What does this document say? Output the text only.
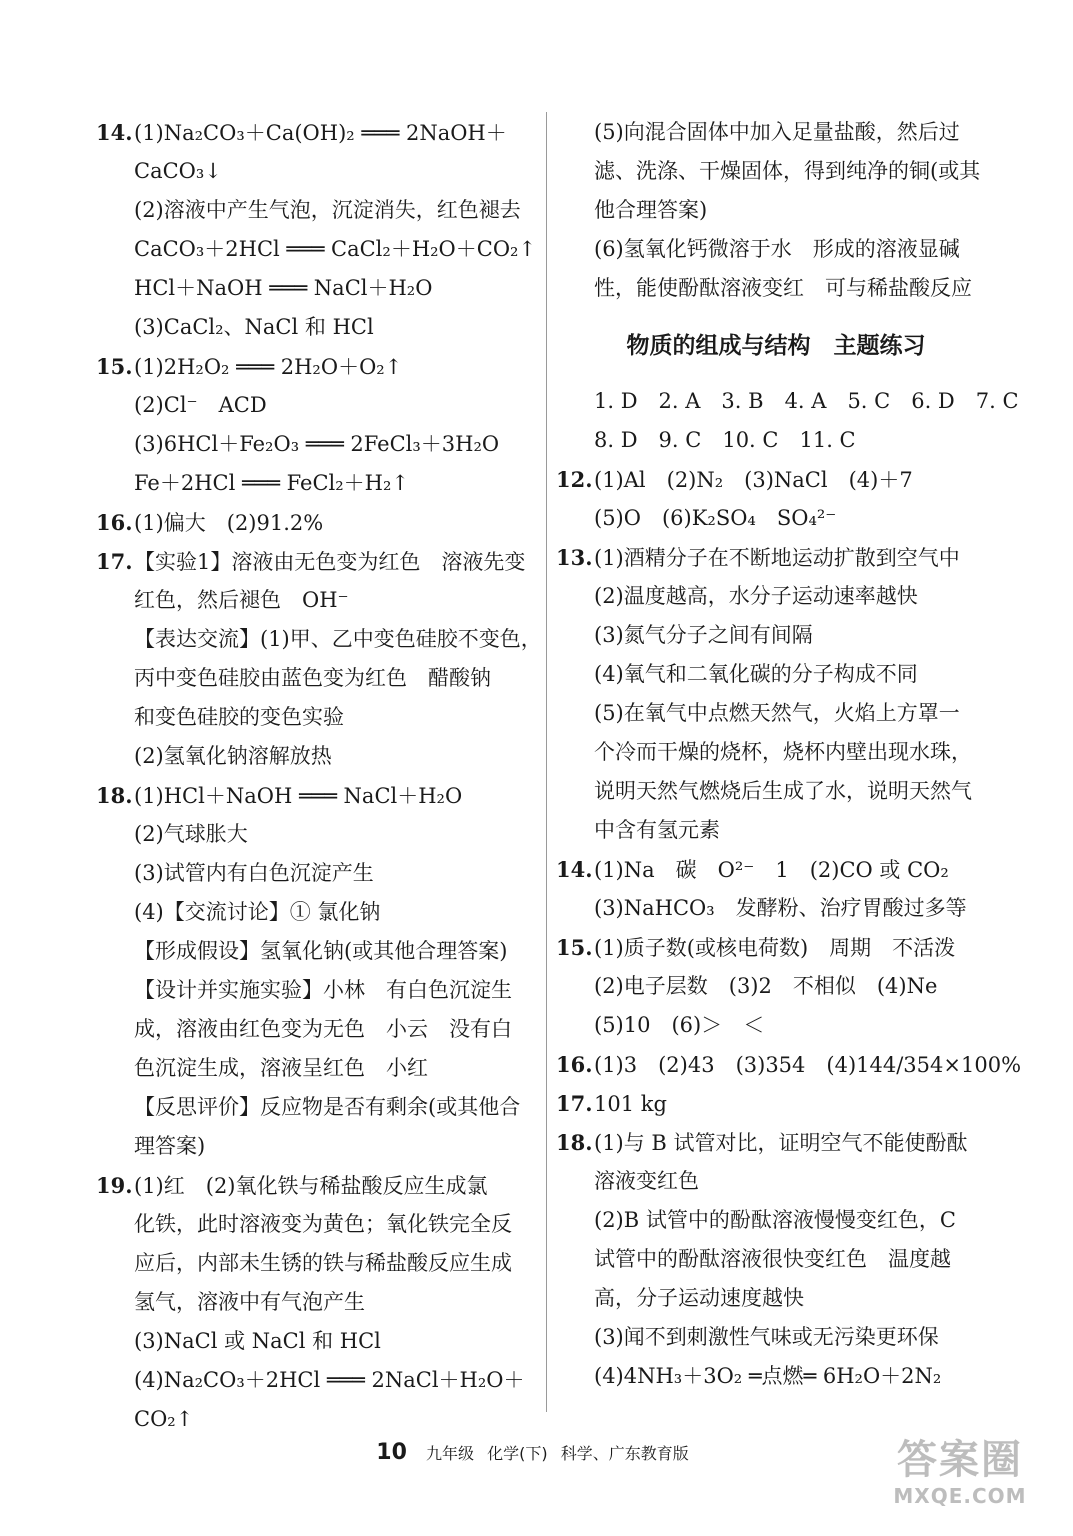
14.(1)Na₂CO₃＋Ca(OH)₂ ═══ 2NaOH＋
CaCO₃↓
(2)溶液中产生气泡，沉淀消失，红色褪去
CaCO₃＋2HCl ═══ CaCl₂＋H₂O＋CO₂↑
HCl＋NaOH ═══ NaCl＋H₂O
(3)CaCl₂、NaCl 和 HCl
15.(1)2H₂O₂ ═══ 2H₂O＋O₂↑
(2)Cl⁻　ACD
(3)6HCl＋Fe₂O₃ ═══ 2FeCl₃＋3H₂O
Fe＋2HCl ═══ FeCl₂＋H₂↑
16.(1)偏大　(2)91.2%
17.【实验1】溶液由无色变为红色　溶液先变
红色，然后褪色　OH⁻
【表达交流】(1)甲、乙中变色硅胶不变色，
丙中变色硅胶由蓝色变为红色　醋酸钠
和变色硅胶的变色实验
(2)氢氧化钠溶解放热
18.(1)HCl＋NaOH ═══ NaCl＋H₂O
(2)气球胀大
(3)试管内有白色沉淀产生
(4)【交流讨论】① 氯化钠
【形成假设】氢氧化钠(或其他合理答案)
【设计并实施实验】小林　有白色沉淀生
成，溶液由红色变为无色　小云　没有白
色沉淀生成，溶液呈红色　小红
【反思评价】反应物是否有剩余(或其他合
理答案)
19.(1)红　(2)氧化铁与稀盐酸反应生成氯
化铁，此时溶液变为黄色；氧化铁完全反
应后，内部未生锈的铁与稀盐酸反应生成
氢气，溶液中有气泡产生
(3)NaCl 或 NaCl 和 HCl
(4)Na₂CO₃＋2HCl ═══ 2NaCl＋H₂O＋
CO₂↑
(5)向混合固体中加入足量盐酸，然后过
滤、洗涤、干燥固体，得到纯净的铜(或其
他合理答案)
(6)氢氧化钙微溶于水　形成的溶液显碱
性，能使酚酞溶液变红　可与稀盐酸反应
物质的组成与结构　主题练习
1. D　2. A　3. B　4. A　5. C　6. D　7. C
8. D　9. C　10. C　11. C
12.(1)Al　(2)N₂　(3)NaCl　(4)＋7
(5)O　(6)K₂SO₄　SO₄²⁻
13.(1)酒精分子在不断地运动扩散到空气中
(2)温度越高，水分子运动速率越快
(3)氮气分子之间有间隔
(4)氧气和二氧化碳的分子构成不同
(5)在氧气中点燃天然气，火焰上方罩一
个冷而干燥的烧杯，烧杯内壁出现水珠，
说明天然气燃烧后生成了水，说明天然气
中含有氢元素
14.(1)Na　碳　O²⁻　1　(2)CO 或 CO₂
(3)NaHCO₃　发酵粉、治疗胃酸过多等
15.(1)质子数(或核电荷数)　周期　不活泼
(2)电子层数　(3)2　不相似　(4)Ne
(5)10　(6)＞　＜
16.(1)3　(2)43　(3)354　(4)144/354×100%
17.101 kg
18.(1)与 B 试管对比，证明空气不能使酚酞
溶液变红色
(2)B 试管中的酚酞溶液慢慢变红色，C
试管中的酚酞溶液很快变红色　温度越
高，分子运动速度越快
(3)闻不到刺激性气味或无污染更环保
(4)4NH₃＋3O₂ ═点燃═ 6H₂O＋2N₂
10 九年级 化学(下) 科学、广东教育版	答案圈
MXQE.COM
